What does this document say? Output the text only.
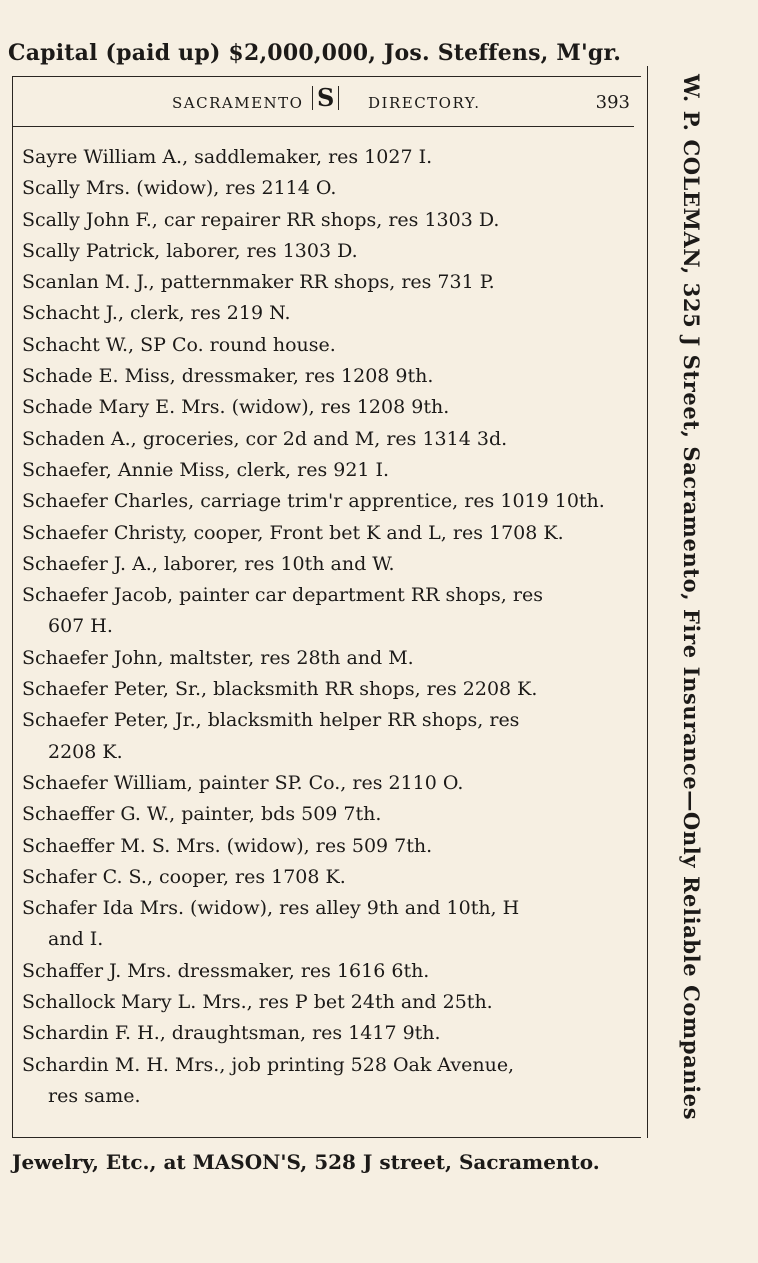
Capital (paid up) $2,000,000, Jos. Steffens, M'gr.
SACRAMENTO S	DIRECTORY.	393
Sayre William A., saddlemaker, res 1027 I.
Scally Mrs. (widow), res 2114 O.
Scally John F., car repairer RR shops, res 1303 D.
Scally Patrick, laborer, res 1303 D.
Scanlan M. J., patternmaker RR shops, res 731 P.
Schacht J., clerk, res 219 N.
Schacht W., SP Co. round house.
Schade E. Miss, dressmaker, res 1208 9th.
Schade Mary E. Mrs. (widow), res 1208 9th.
Schaden A., groceries, cor 2d and M, res 1314 3d.
Schaefer, Annie Miss, clerk, res 921 I.
Schaefer Charles, carriage trim'r apprentice, res 1019 10th.
Schaefer Christy, cooper, Front bet K and L, res 1708 K.
Schaefer J. A., laborer, res 10th and W.
Schaefer Jacob, painter car department RR shops, res
607 H.
Schaefer John, maltster, res 28th and M.
Schaefer Peter, Sr., blacksmith RR shops, res 2208 K.
Schaefer Peter, Jr., blacksmith helper RR shops, res
2208 K.
Schaefer William, painter SP. Co., res 2110 O.
Schaeffer G. W., painter, bds 509 7th.
Schaeffer M. S. Mrs. (widow), res 509 7th.
Schafer C. S., cooper, res 1708 K.
Schafer Ida Mrs. (widow), res alley 9th and 10th, H
and I.
Schaffer J. Mrs. dressmaker, res 1616 6th.
Schallock Mary L. Mrs., res P bet 24th and 25th.
Schardin F. H., draughtsman, res 1417 9th.
Schardin M. H. Mrs., job printing 528 Oak Avenue,
res same.	W. P. COLEMAN, 325 J Street, Sacramento, Fire Insurance—Only Reliable Companies
Jewelry, Etc., at MASON'S, 528 J street, Sacramento.
